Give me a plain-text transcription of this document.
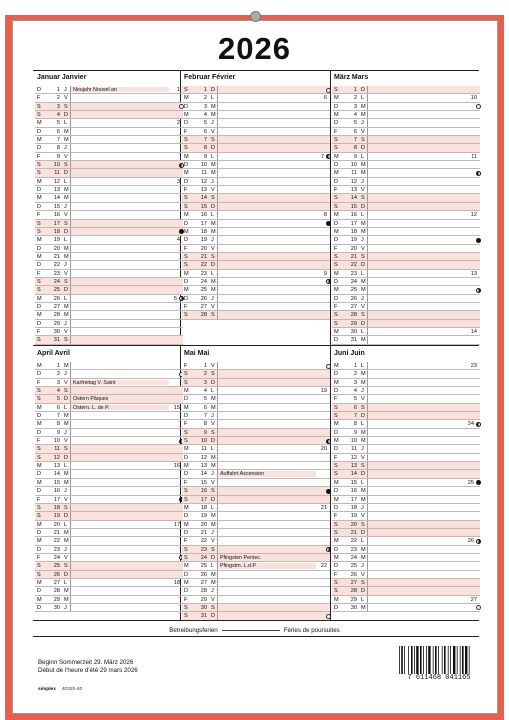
2026
Januar Janvier
D	1 J Neujahr Nouvel an	1
F	2 V
S	3 S
S	4 D
M	5 L	2
D	6 M
M	7 M
D	8 J
F	9 V
S	10 S
S	11 D
M	12 L	3
D	13 M
M	14 M
D	15 J
F	16 V
S	17 S
S	18 D
M	19 L	4
D	20 M
M	21 M
D	22 J
F	23 V
S	24 S
S	25 D
M	26 L	5
D	27 M
M	28 M
D	29 J
F	30 V
S	31 S
Februar Février
S	1 D
M	2 L	6
D	3 M
M	4 M
D	5 J
F	6 V
S	7 S
S	8 D
M	9 L	7
D	10 M
M	11 M
D	12 J
F	13 V
S	14 S
S	15 D
M	16 L	8
D	17 M
M	18 M
D	19 J
F	20 V
S	21 S
S	22 D
M	23 L	9
D	24 M
M	25 M
D	26 J
F	27 V
S	28 S
März Mars
S	1 D
M	2 L	10
D	3 M
M	4 M
D	5 J
F	6 V
S	7 S
S	8 D
M	9 L	11
D	10 M
M	11 M
D	12 J
F	13 V
S	14 S
S	15 D
M	16 L	12
D	17 M
M	18 M
D	19 J
F	20 V
S	21 S
S	22 D
M	23 L	13
D	24 M
M	25 M
D	26 J
F	27 V
S	28 S
S	29 D
M	30 L	14
D	31 M
April Avril
M	1 M
D	2 J
F	3 V Karfreitag V. Saint
S	4 S
S	5 D Ostern Pâques
M	6 L Ostern. L. de P.	15
D	7 M
M	8 M
D	9 J
F	10 V
S	11 S
S	12 D
M	13 L	16
D	14 M
M	15 M
D	16 J
F	17 V
S	18 S
S	19 D
M	20 L	17
D	21 M
M	22 M
D	23 J
F	24 V
S	25 S
S	26 D
M	27 L	18
D	28 M
M	29 M
D	30 J
Mai Mai
F	1 V
S	2 S
S	3 D
M	4 L	19
D	5 M
M	6 M
D	7 J
F	8 V
S	9 S
S	10 D
M	11 L	20
D	12 M
M	13 M
D	14 J Auffahrt Ascension
F	15 V
S	16 S
S	17 D
M	18 L	21
D	19 M
M	20 M
D	21 J
F	22 V
S	23 S
S	24 D Pfingsten Pentec.
M	25 L Pfingstm. L.d.P.	22
D	26 M
M	27 M
D	28 J
F	29 V
S	30 S
S	31 D
Juni Juin
M	1 L	23
D	2 M
M	3 M
D	4 J
F	5 V
S	6 S
S	7 D
M	8 L	24
D	9 M
M	10 M
D	11 J
F	12 V
S	13 S
S	14 D
M	15 L	25
D	16 M
M	17 M
D	18 J
F	19 V
S	20 S
S	21 D
M	22 L	26
D	23 M
M	24 M
D	25 J
F	26 V
S	27 S
S	28 D
M	29 L	27
D	30 M
Betreibungsferien	Féries de poursuites
Beginn Sommerzeit 29. März 2026
Début de l'heure d'été 29 mars 2026
simplex 40320-40
7 611468 041165
